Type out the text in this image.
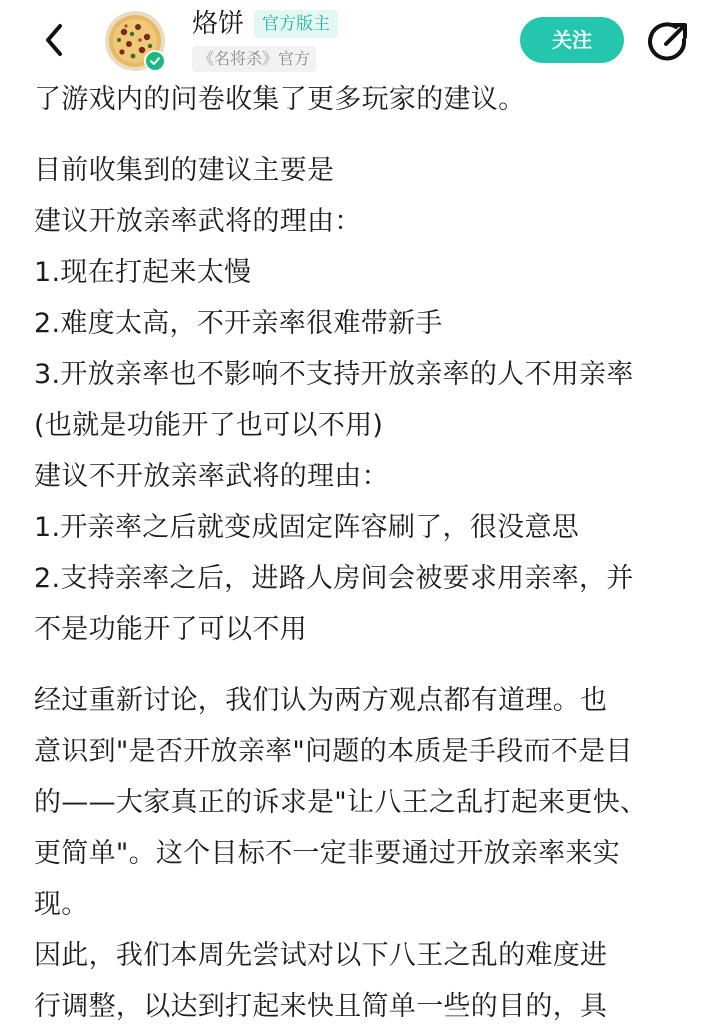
烙饼	官方版主
《名将杀》官方
关注

了游戏内的问卷收集了更多玩家的建议。

目前收集到的建议主要是

建议开放亲率武将的理由：

1.现在打起来太慢

2.难度太高，不开亲率很难带新手

3.开放亲率也不影响不支持开放亲率的人不用亲率

(也就是功能开了也可以不用)

建议不开放亲率武将的理由：

1.开亲率之后就变成固定阵容刷了，很没意思

2.支持亲率之后，进路人房间会被要求用亲率，并

不是功能开了可以不用

经过重新讨论，我们认为两方观点都有道理。也

意识到"是否开放亲率"问题的本质是手段而不是目

的——大家真正的诉求是"让八王之乱打起来更快、

更简单"。这个目标不一定非要通过开放亲率来实

现。

因此，我们本周先尝试对以下八王之乱的难度进

行调整，以达到打起来快且简单一些的目的，具
